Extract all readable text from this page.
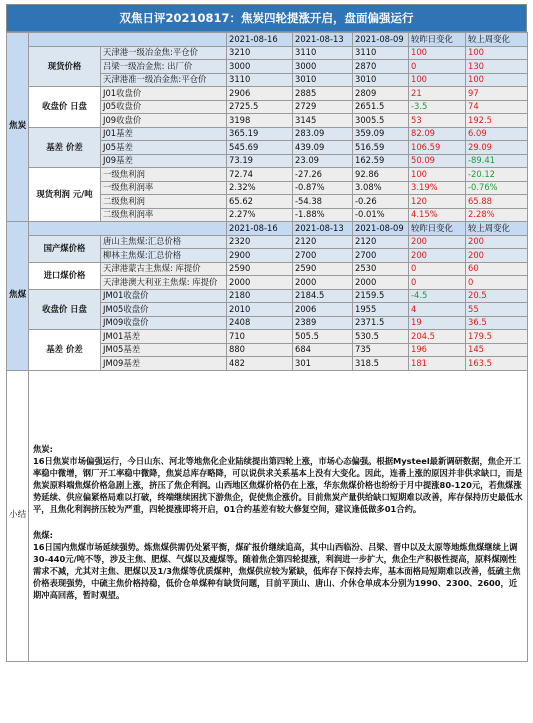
双焦日评20210817：焦炭四轮提涨开启，盘面偏强运行
焦炭			2021-08-16	2021-08-13	2021-08-09	较昨日变化	较上周变化
	现货价格	天津港一级冶金焦:平仓价	3210	3110	3110	100	100
		吕梁一级冶金焦: 出厂价	3000	3000	2870	0	130
		天津港准一级冶金焦:平仓价	3110	3010	3010	100	100
	收盘价 日盘	J01收盘价	2906	2885	2809	21	97
		J05收盘价	2725.5	2729	2651.5	-3.5	74
		J09收盘价	3198	3145	3005.5	53	192.5
	基差 价差	J01基差	365.19	283.09	359.09	82.09	6.09
		J05基差	545.69	439.09	516.59	106.59	29.09
		J09基差	73.19	23.09	162.59	50.09	-89.41
	现货利润 元/吨	一级焦利润	72.74	-27.26	92.86	100	-20.12
		一级焦利润率	2.32%	-0.87%	3.08%	3.19%	-0.76%
		二级焦利润	65.62	-54.38	-0.26	120	65.88
		二级焦利润率	2.27%	-1.88%	-0.01%	4.15%	2.28%
焦煤			2021-08-16	2021-08-13	2021-08-09	较昨日变化	较上周变化
	国产煤价格	唐山主焦煤:汇总价格	2320	2120	2120	200	200
		柳林主焦煤:汇总价格	2900	2700	2700	200	200
	进口煤价格	天津港蒙古主焦煤: 库提价	2590	2590	2530	0	60
		天津港澳大利亚主焦煤: 库提价	2000	2000	2000	0	0
	收盘价 日盘	JM01收盘价	2180	2184.5	2159.5	-4.5	20.5
		JM05收盘价	2010	2006	1955	4	55
		JM09收盘价	2408	2389	2371.5	19	36.5
	基差 价差	JM01基差	710	505.5	530.5	204.5	179.5
		JM05基差	880	684	735	196	145
		JM09基差	482	301	318.5	181	163.5
小结	焦炭:

16日焦炭市场偏强运行，今日山东、河北等地焦化企业陆续提出第四轮上涨，市场心态偏强。根据Mysteel最新调研数据，焦企开工率稳中微增，钢厂开工率稳中微降，焦炭总库存略降，可以说供求关系基本上没有大变化。因此，连番上涨的原因并非供求缺口，而是焦炭原料端焦煤价格急剧上涨，挤压了焦企利润。山西地区焦煤价格仍在上涨，华东焦煤价格也纷纷于月中提涨80-120元，若焦煤涨势延续、供应偏紧格局难以打破，终端继续困扰下游焦企，促使焦企涨价。目前焦炭产量供给缺口短期难以改善，库存保持历史最低水平，且焦化利润挤压较为严重，四轮提涨即将开启，01合约基差有较大修复空间，建议逢低做多01合约。

焦煤:

16日国内焦煤市场延续强势。炼焦煤供需仍处紧平衡，煤矿报价继续追高，其中山西临汾、吕梁、晋中以及太原等地炼焦煤继续上调30-440元/吨不等，涉及主焦、肥煤、气煤以及瘦煤等。随着焦企第四轮提涨，利润进一步扩大，焦企生产积极性提高，原料煤刚性需求不减，尤其对主焦、肥煤以及1/3焦煤等优质煤种，焦煤供应较为紧缺，低库存下保持去库，基本面格局短期难以改善，低硫主焦价格表现强势，中硫主焦价格持稳，低价仓单煤种有缺货问题，目前平顶山、唐山、介休仓单成本分别为1990、2300、2600，近期冲高回落，暂时观望。						
